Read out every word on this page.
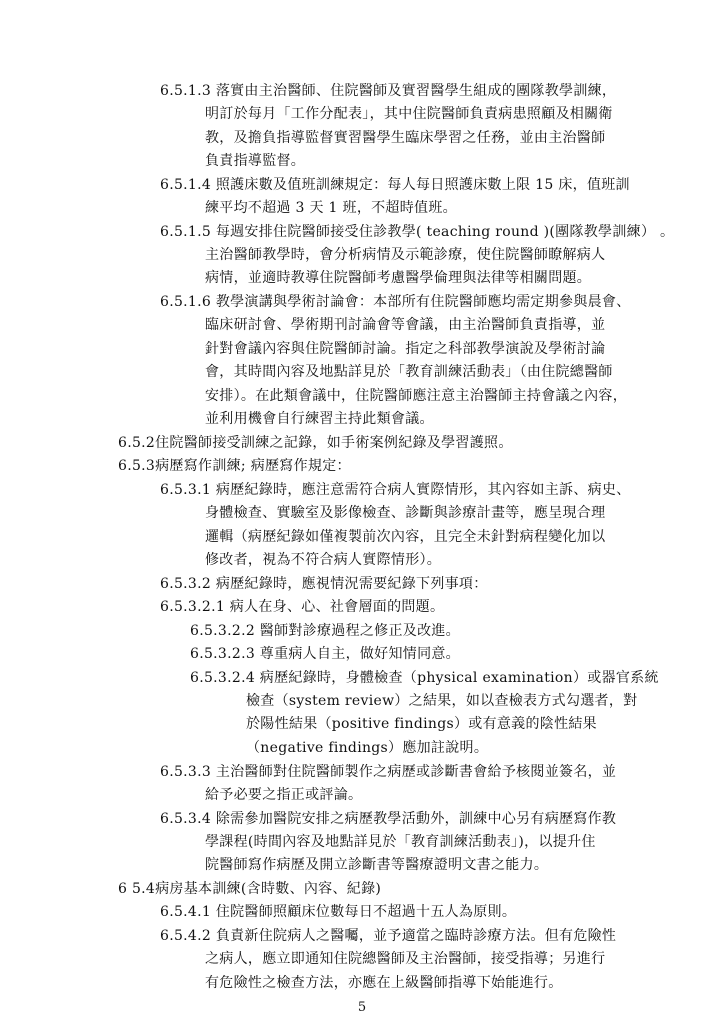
6.5.1.3 落實由主治醫師、住院醫師及實習醫學生組成的團隊教學訓練，
明訂於每月「工作分配表」，其中住院醫師負責病患照顧及相關衛
教，及擔負指導監督實習醫學生臨床學習之任務，並由主治醫師
負責指導監督。
6.5.1.4 照護床數及值班訓練規定：每人每日照護床數上限 15 床，值班訓
練平均不超過 3 天 1 班，不超時值班。
6.5.1.5 每週安排住院醫師接受住診教學( teaching round )(團隊教學訓練） 。
主治醫師教學時，會分析病情及示範診療，使住院醫師瞭解病人
病情，並適時教導住院醫師考慮醫學倫理與法律等相關問題。
6.5.1.6 教學演講與學術討論會：本部所有住院醫師應均需定期參與晨會、
臨床研討會、學術期刊討論會等會議，由主治醫師負責指導，並
針對會議內容與住院醫師討論。指定之科部教學演說及學術討論
會，其時間內容及地點詳見於「教育訓練活動表」（由住院總醫師
安排）。在此類會議中，住院醫師應注意主治醫師主持會議之內容，
並利用機會自行練習主持此類會議。
6.5.2住院醫師接受訓練之記錄，如手術案例紀錄及學習護照。
6.5.3病歷寫作訓練; 病歷寫作規定：
6.5.3.1 病歷紀錄時，應注意需符合病人實際情形，其內容如主訴、病史、
身體檢查、實驗室及影像檢查、診斷與診療計畫等，應呈現合理
邏輯（病歷紀錄如僅複製前次內容，且完全未針對病程變化加以
修改者，視為不符合病人實際情形）。
6.5.3.2 病歷紀錄時，應視情況需要紀錄下列事項：
6.5.3.2.1 病人在身、心、社會層面的問題。
6.5.3.2.2 醫師對診療過程之修正及改進。
6.5.3.2.3 尊重病人自主，做好知情同意。
6.5.3.2.4 病歷紀錄時，身體檢查（physical examination）或器官系統
檢查（system review）之結果，如以查檢表方式勾選者，對
於陽性結果（positive findings）或有意義的陰性結果
（negative findings）應加註說明。
6.5.3.3 主治醫師對住院醫師製作之病歷或診斷書會給予核閱並簽名，並
給予必要之指正或評論。
6.5.3.4 除需參加醫院安排之病歷教學活動外，訓練中心另有病歷寫作教
學課程(時間內容及地點詳見於「教育訓練活動表」)，以提升住
院醫師寫作病歷及開立診斷書等醫療證明文書之能力。
6 5.4病房基本訓練(含時數、內容、紀錄)
6.5.4.1 住院醫師照顧床位數每日不超過十五人為原則。
6.5.4.2 負責新住院病人之醫囑，並予適當之臨時診療方法。但有危險性
之病人，應立即通知住院總醫師及主治醫師，接受指導；另進行
有危險性之檢查方法，亦應在上級醫師指導下始能進行。
5
